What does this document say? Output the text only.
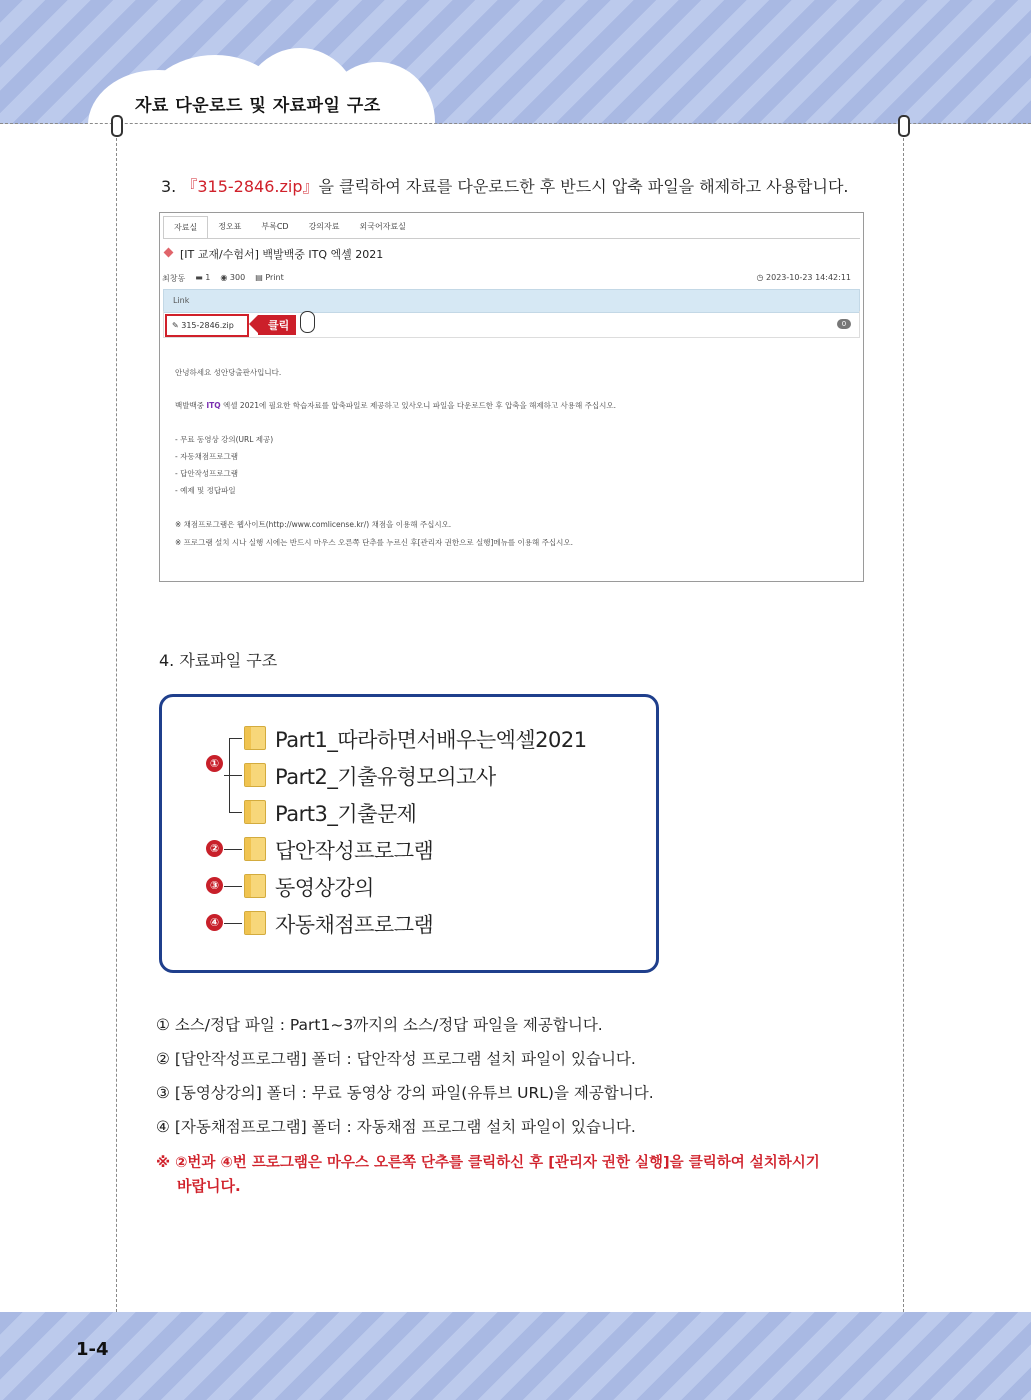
자료 다운로드 및 자료파일 구조
3. 『315-2846.zip』을 클릭하여 자료를 다운로드한 후 반드시 압축 파일을 해제하고 사용합니다.
자료실	정오표	부록CD	강의자료	외국어자료실
[IT 교재/수험서] 백발백중 ITQ 엑셀 2021
최창동 ▬ 1 ◉ 300 ▤ Print	◷ 2023-10-23 14:42:11
Link
✎ 315-2846.zip	클릭	0
안녕하세요 성안당출판사입니다.
백발백중 ITQ 엑셀 2021에 필요한 학습자료를 압축파일로 제공하고 있사오니 파일을 다운로드한 후 압축을 해제하고 사용해 주십시오.
- 무료 동영상 강의(URL 제공)
- 자동채점프로그램
- 답안작성프로그램
- 예제 및 정답파일
※ 채점프로그램은 웹사이트(http://www.comlicense.kr/) 채점을 이용해 주십시오.
※ 프로그램 설치 시나 실행 시에는 반드시 마우스 오른쪽 단추를 누르신 후[관리자 권한으로 실행]메뉴를 이용해 주십시오.
4. 자료파일 구조
①
②
③
④
Part1_따라하면서배우는엑셀2021
Part2_기출유형모의고사
Part3_기출문제
답안작성프로그램
동영상강의
자동채점프로그램
① 소스/정답 파일 : Part1~3까지의 소스/정답 파일을 제공합니다.
② [답안작성프로그램] 폴더 : 답안작성 프로그램 설치 파일이 있습니다.
③ [동영상강의] 폴더 : 무료 동영상 강의 파일(유튜브 URL)을 제공합니다.
④ [자동채점프로그램] 폴더 : 자동채점 프로그램 설치 파일이 있습니다.
※ ②번과 ④번 프로그램은 마우스 오른쪽 단추를 클릭하신 후 [관리자 권한 실행]을 클릭하여 설치하시기
바랍니다.
1-4
